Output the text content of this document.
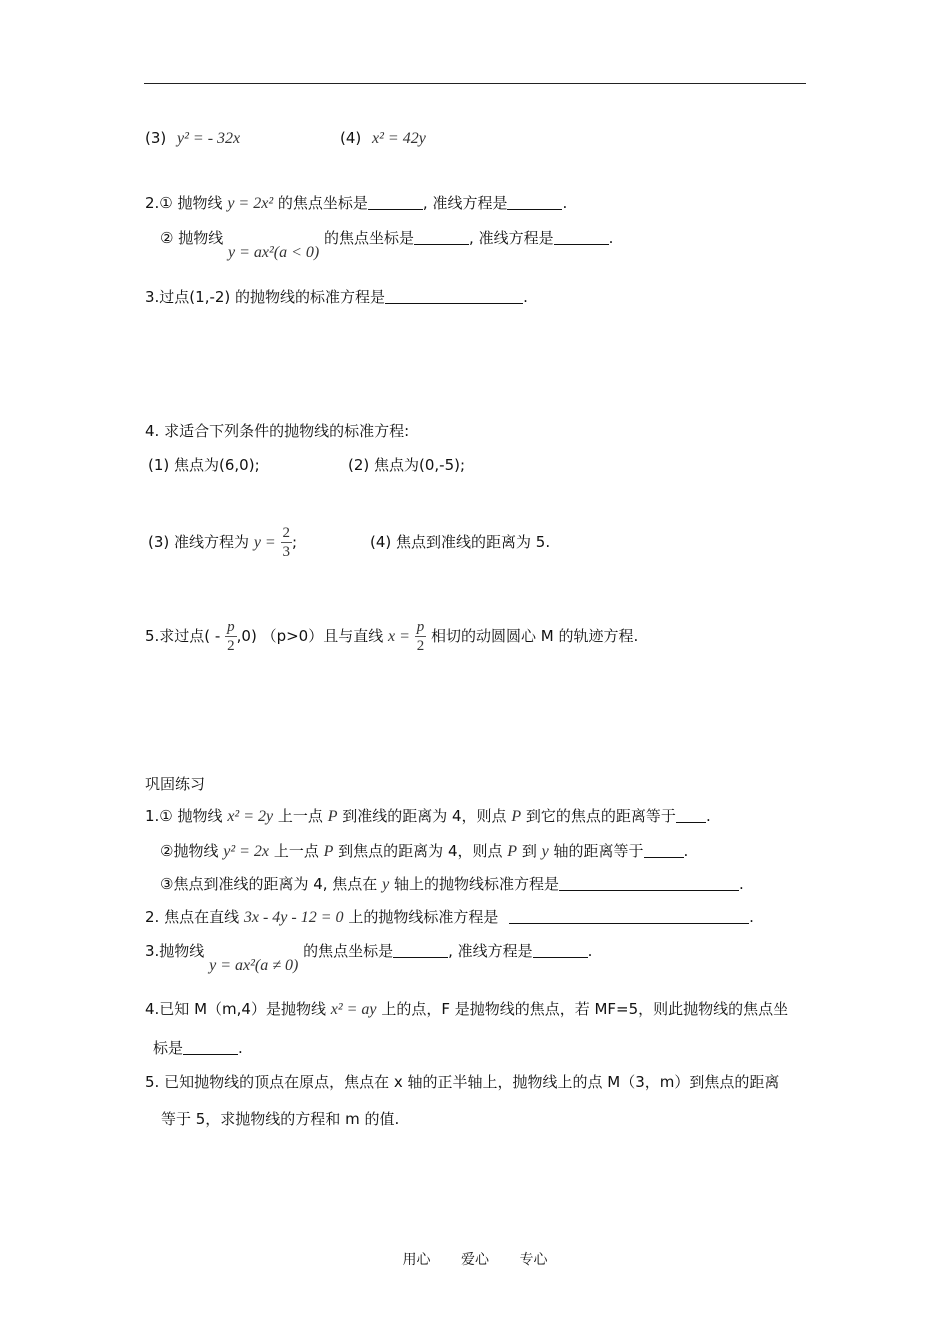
(3) y² = - 32x	(4) x² = 42y
2.① 抛物线 y = 2x² 的焦点坐标是	, 准线方程是	.
② 抛物线 y = ax²(a < 0) 的焦点坐标是	, 准线方程是	.
3.过点(1,-2) 的抛物线的标准方程是	.
4. 求适合下列条件的抛物线的标准方程:
(1) 焦点为(6,0);	(2) 焦点为(0,-5);
(3) 准线方程为 $y = \frac{2}{3}$ ;	(4) 焦点到准线的距离为 5.
5.求过点( - $\frac{p}{2} ,0$) （p>0）且与直线 $x = \frac{p}{2}$ 相切的动圆圆心 M 的轨迹方程.
巩固练习
1.① 抛物线 x² = 2y 上一点 P 到准线的距离为 4，则点 P 到它的焦点的距离等于 .
②抛物线 y² = 2x 上一点 P 到焦点的距离为 4，则点 P 到 y 轴的距离等于	.
③焦点到准线的距离为 4, 焦点在 y 轴上的抛物线标准方程是	.
2. 焦点在直线 3x - 4y - 12 = 0 上的抛物线标准方程是	.
3.抛物线 y = ax²(a ≠ 0) 的焦点坐标是	, 准线方程是	.
4.已知 M（m,4）是抛物线 x² = ay 上的点，F 是抛物线的焦点，若 MF=5，则此抛物线的焦点坐
标是	.
5. 已知抛物线的顶点在原点，焦点在 x 轴的正半轴上，抛物线上的点 M（3，m）到焦点的距离
等于 5，求抛物线的方程和 m 的值.
用心 爱心 专心
